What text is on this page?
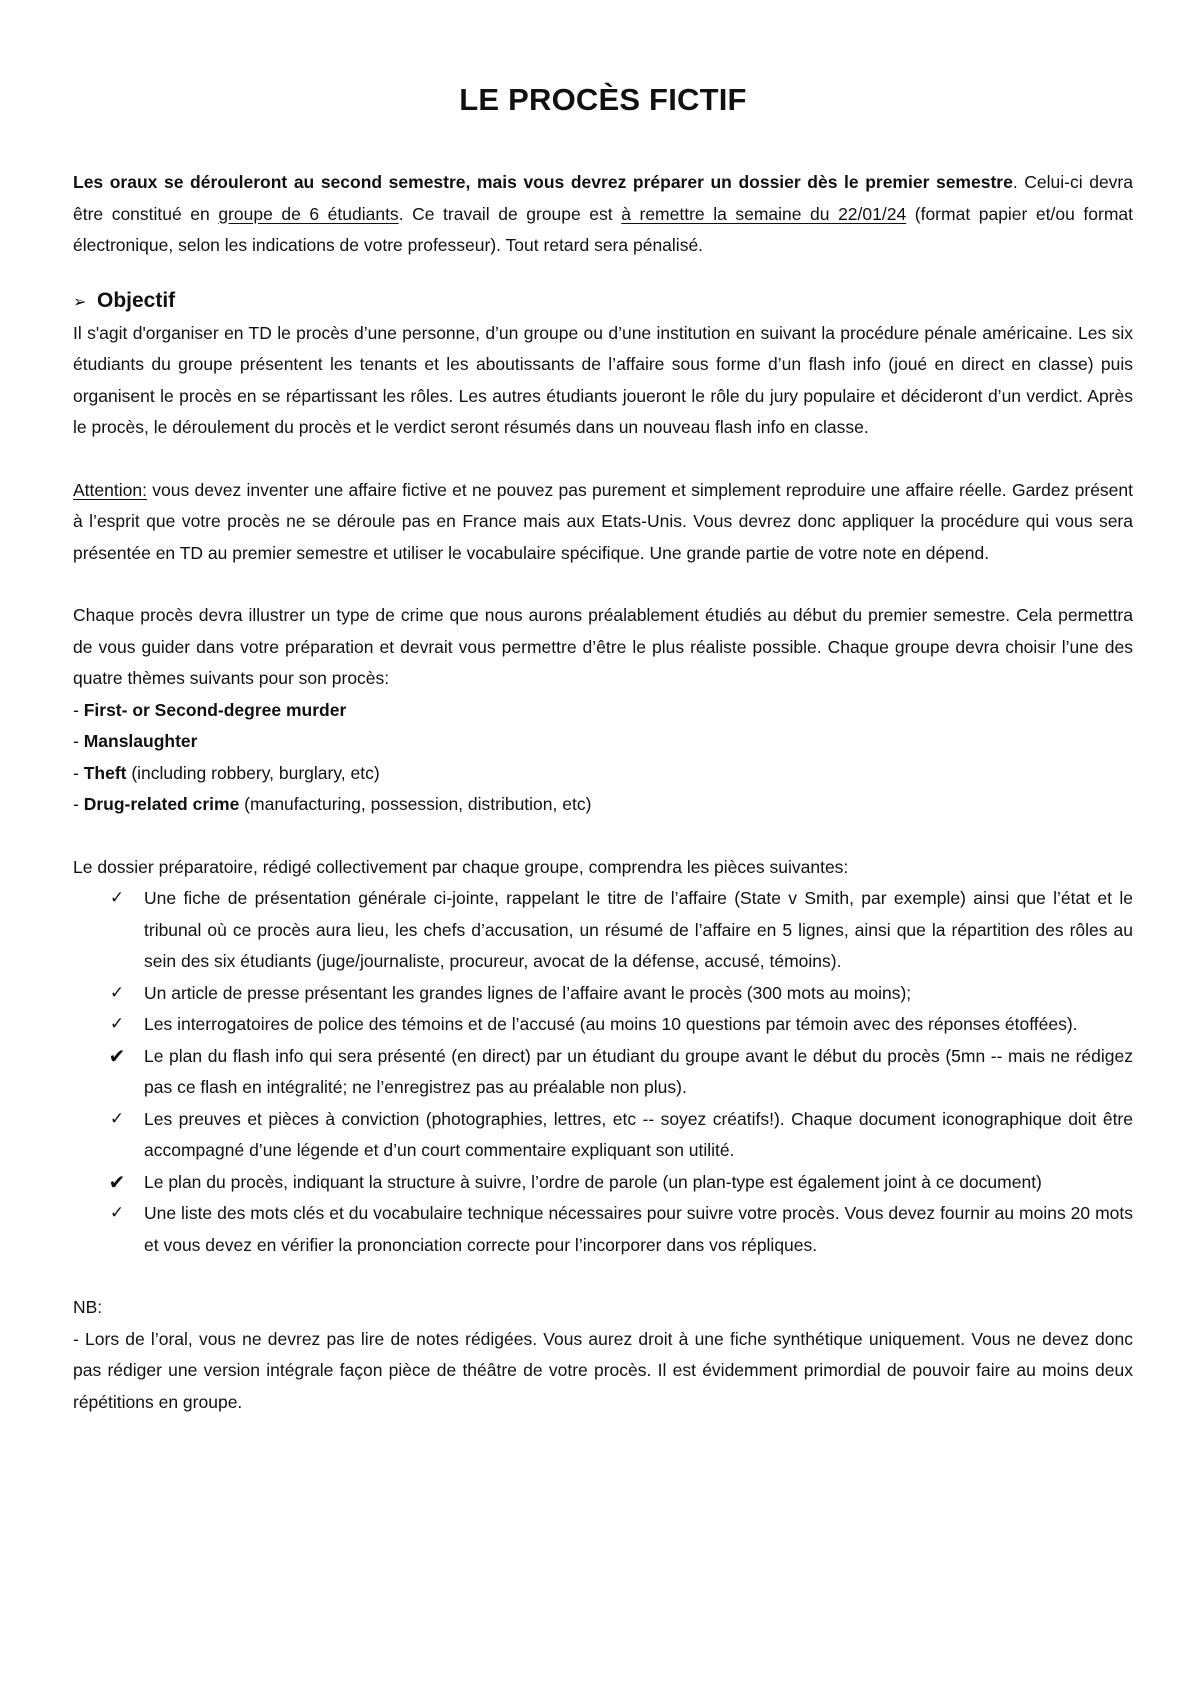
LE PROCÈS FICTIF

Les oraux se dérouleront au second semestre, mais vous devrez préparer un dossier dès le premier semestre. Celui-ci devra être constitué en groupe de 6 étudiants. Ce travail de groupe est à remettre la semaine du 22/01/24 (format papier et/ou format électronique, selon les indications de votre professeur). Tout retard sera pénalisé.

➢ Objectif

Il s'agit d'organiser en TD le procès d’une personne, d’un groupe ou d’une institution en suivant la procédure pénale américaine. Les six étudiants du groupe présentent les tenants et les aboutissants de l’affaire sous forme d’un flash info (joué en direct en classe) puis organisent le procès en se répartissant les rôles. Les autres étudiants joueront le rôle du jury populaire et décideront d’un verdict. Après le procès, le déroulement du procès et le verdict seront résumés dans un nouveau flash info en classe.

Attention: vous devez inventer une affaire fictive et ne pouvez pas purement et simplement reproduire une affaire réelle. Gardez présent à l’esprit que votre procès ne se déroule pas en France mais aux Etats-Unis. Vous devrez donc appliquer la procédure qui vous sera présentée en TD au premier semestre et utiliser le vocabulaire spécifique. Une grande partie de votre note en dépend.

Chaque procès devra illustrer un type de crime que nous aurons préalablement étudiés au début du premier semestre. Cela permettra de vous guider dans votre préparation et devrait vous permettre d’être le plus réaliste possible. Chaque groupe devra choisir l’une des quatre thèmes suivants pour son procès:

- First- or Second-degree murder
- Manslaughter
- Theft (including robbery, burglary, etc)
- Drug-related crime (manufacturing, possession, distribution, etc)

Le dossier préparatoire, rédigé collectivement par chaque groupe, comprendra les pièces suivantes:

✓ Une fiche de présentation générale ci-jointe, rappelant le titre de l’affaire (State v Smith, par exemple) ainsi que l’état et le tribunal où ce procès aura lieu, les chefs d’accusation, un résumé de l’affaire en 5 lignes, ainsi que la répartition des rôles au sein des six étudiants (juge/journaliste, procureur, avocat de la défense, accusé, témoins).
✓ Un article de presse présentant les grandes lignes de l’affaire avant le procès (300 mots au moins);
✓ Les interrogatoires de police des témoins et de l’accusé (au moins 10 questions par témoin avec des réponses étoffées).
✔ Le plan du flash info qui sera présenté (en direct) par un étudiant du groupe avant le début du procès (5mn -- mais ne rédigez pas ce flash en intégralité; ne l’enregistrez pas au préalable non plus).
✓ Les preuves et pièces à conviction (photographies, lettres, etc -- soyez créatifs!). Chaque document iconographique doit être accompagné d’une légende et d’un court commentaire expliquant son utilité.
✔ Le plan du procès, indiquant la structure à suivre, l’ordre de parole (un plan-type est également joint à ce document)
✓ Une liste des mots clés et du vocabulaire technique nécessaires pour suivre votre procès. Vous devez fournir au moins 20 mots et vous devez en vérifier la prononciation correcte pour l’incorporer dans vos répliques.

NB:

- Lors de l’oral, vous ne devrez pas lire de notes rédigées. Vous aurez droit à une fiche synthétique uniquement. Vous ne devez donc pas rédiger une version intégrale façon pièce de théâtre de votre procès. Il est évidemment primordial de pouvoir faire au moins deux répétitions en groupe.
